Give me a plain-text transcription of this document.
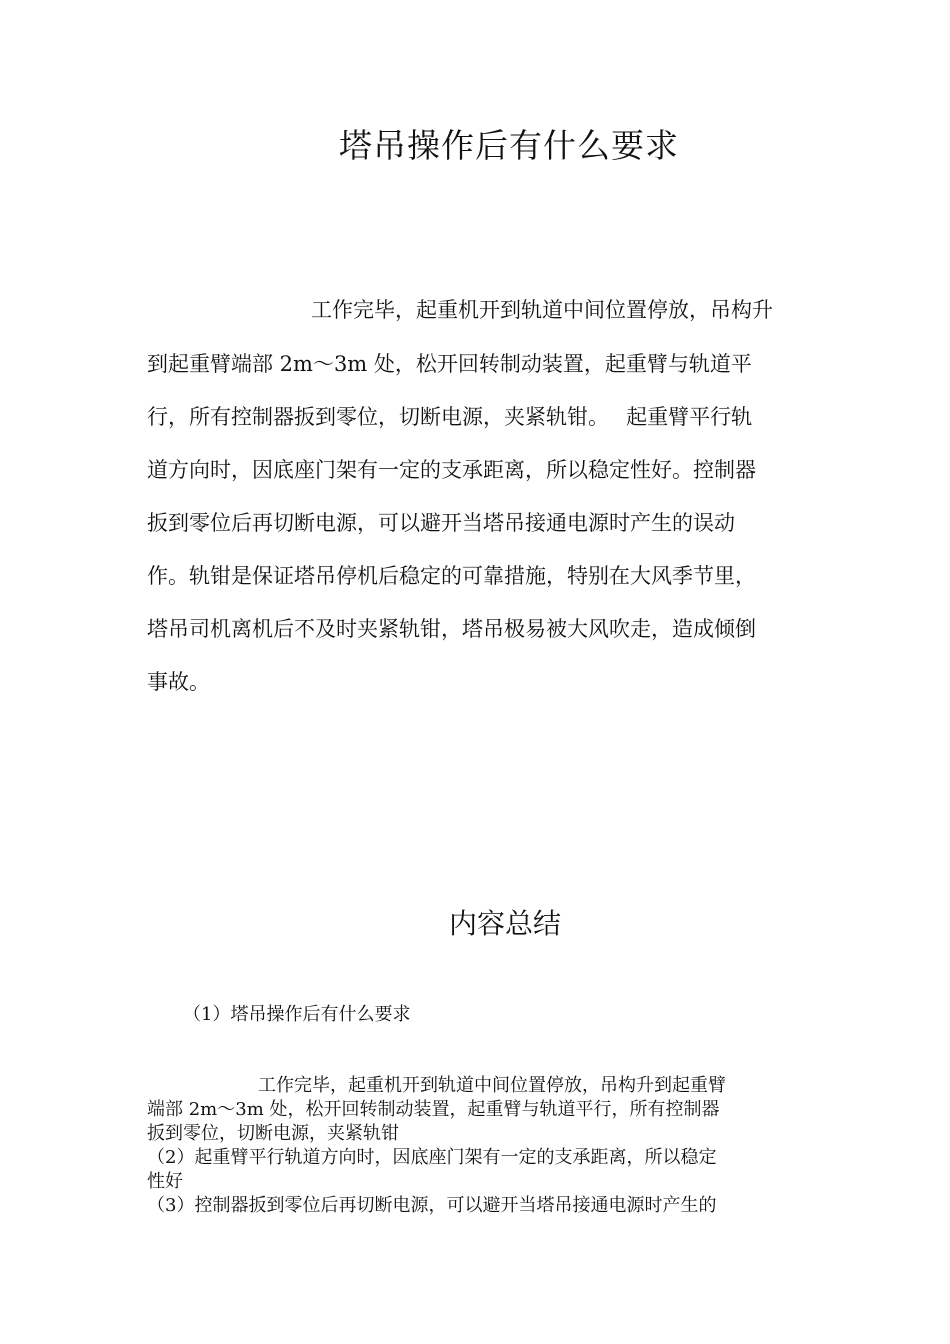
塔吊操作后有什么要求
工作完毕，起重机开到轨道中间位置停放，吊构升
到起重臂端部 2m～3m 处，松开回转制动装置，起重臂与轨道平
行，所有控制器扳到零位，切断电源，夹紧轨钳。　 起重臂平行轨
道方向时，因底座门架有一定的支承距离，所以稳定性好。控制器
扳到零位后再切断电源，可以避开当塔吊接通电源时产生的误动
作。轨钳是保证塔吊停机后稳定的可靠措施，特别在大风季节里，
塔吊司机离机后不及时夹紧轨钳，塔吊极易被大风吹走，造成倾倒
事故。
内容总结
（1）塔吊操作后有什么要求
工作完毕，起重机开到轨道中间位置停放，吊构升到起重臂
端部 2m～3m 处，松开回转制动装置，起重臂与轨道平行，所有控制器
扳到零位，切断电源，夹紧轨钳
（2）起重臂平行轨道方向时，因底座门架有一定的支承距离，所以稳定
性好
（3）控制器扳到零位后再切断电源，可以避开当塔吊接通电源时产生的
